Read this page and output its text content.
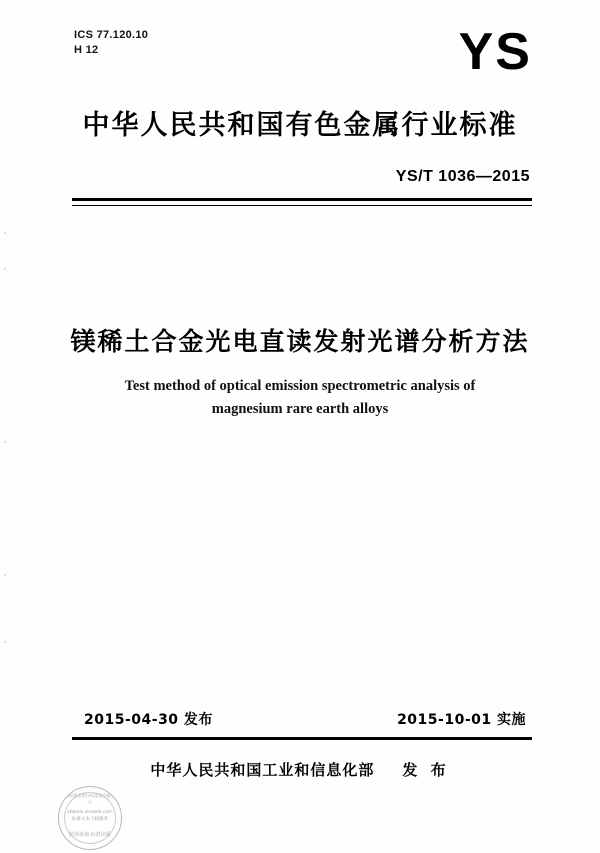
ICS 77.120.10
H 12	YS
中华人民共和国有色金属行业标准
YS/T 1036—2015
镁稀土合金光电直读发射光谱分析方法
Test method of optical emission spectrometric analysis of
magnesium rare earth alloys
2015-04-30 发布	2015-10-01 实施
中华人民共和国工业和信息化部 发 布
中国标准出版社标准信息服务中心
shbook.sinoerb.com
标准文本下载服务
防伪查询 标准出版
